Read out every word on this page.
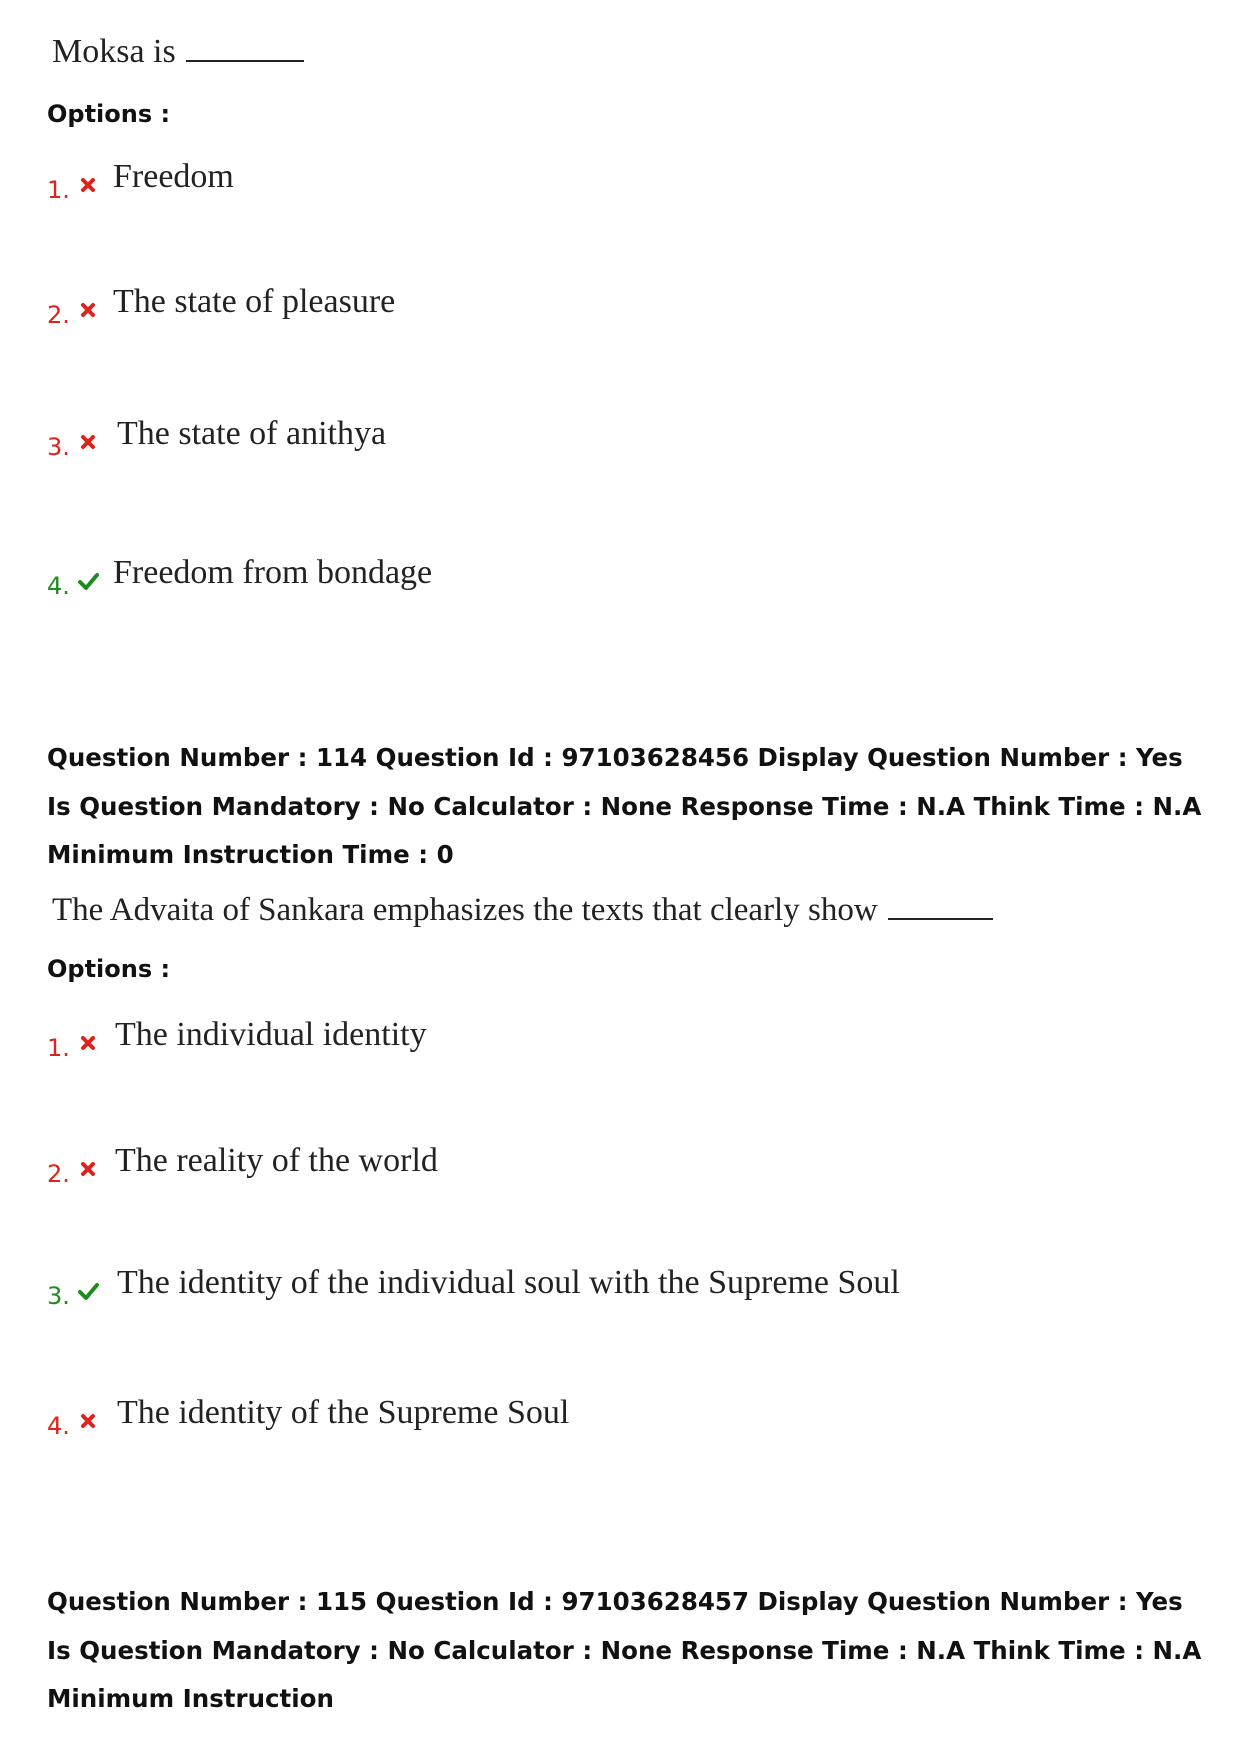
Moksa is
Options :
1. Freedom
2. The state of pleasure
3. The state of anithya
4. Freedom from bondage
Question Number : 114 Question Id : 97103628456 Display Question Number : Yes Is Question Mandatory : No Calculator : None Response Time : N.A Think Time : N.A Minimum Instruction Time : 0
The Advaita of Sankara emphasizes the texts that clearly show
Options :
1. The individual identity
2. The reality of the world
3. The identity of the individual soul with the Supreme Soul
4. The identity of the Supreme Soul
Question Number : 115 Question Id : 97103628457 Display Question Number : Yes Is Question Mandatory : No Calculator : None Response Time : N.A Think Time : N.A Minimum Instruction
